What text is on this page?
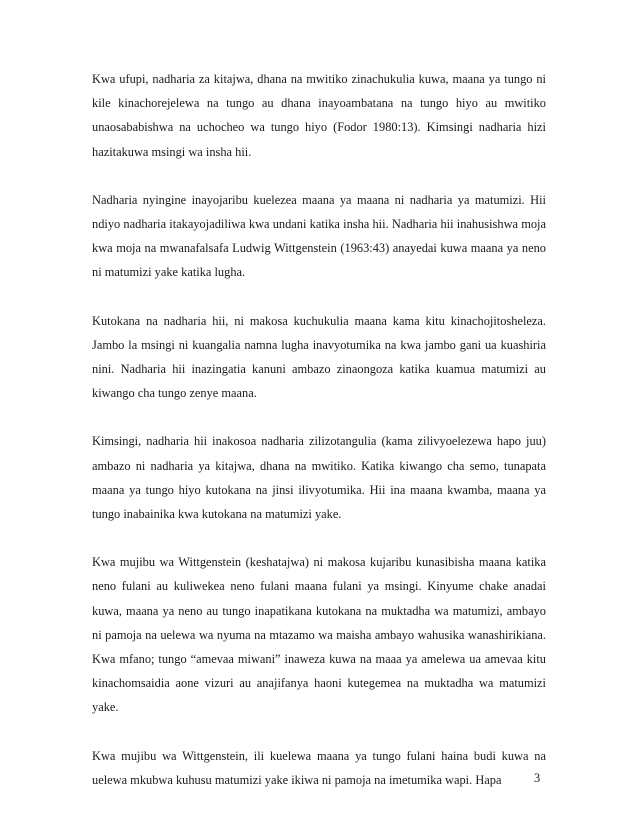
Kwa ufupi, nadharia za kitajwa, dhana na mwitiko zinachukulia kuwa, maana ya tungo ni kile kinachorejelewa na tungo au dhana inayoambatana na tungo hiyo au mwitiko unaosababishwa na uchocheo wa tungo hiyo (Fodor 1980:13). Kimsingi nadharia hizi hazitakuwa msingi wa insha hii.

Nadharia nyingine inayojaribu kuelezea maana ya maana ni nadharia ya matumizi. Hii ndiyo nadharia itakayojadiliwa kwa undani katika insha hii. Nadharia hii inahusishwa moja kwa moja na mwanafalsafa Ludwig Wittgenstein (1963:43) anayedai kuwa maana ya neno ni matumizi yake katika lugha.

Kutokana na nadharia hii, ni makosa kuchukulia maana kama kitu kinachojitosheleza. Jambo la msingi ni kuangalia namna lugha inavyotumika na kwa jambo gani ua kuashiria nini. Nadharia hii inazingatia kanuni ambazo zinaongoza katika kuamua matumizi au kiwango cha tungo zenye maana.

Kimsingi, nadharia hii inakosoa nadharia zilizotangulia (kama zilivyoelezewa hapo juu) ambazo ni nadharia ya kitajwa, dhana na mwitiko. Katika kiwango cha semo, tunapata maana ya tungo hiyo kutokana na jinsi ilivyotumika. Hii ina maana kwamba, maana ya tungo inabainika kwa kutokana na matumizi yake.

Kwa mujibu wa Wittgenstein (keshatajwa) ni makosa kujaribu kunasibisha maana katika neno fulani au kuliwekea neno fulani maana fulani ya msingi. Kinyume chake anadai kuwa, maana ya neno au tungo inapatikana kutokana na muktadha wa matumizi, ambayo ni pamoja na uelewa wa nyuma na mtazamo wa maisha ambayo wahusika wanashirikiana. Kwa mfano; tungo “amevaa miwani” inaweza kuwa na maaa ya amelewa ua amevaa kitu kinachomsaidia aone vizuri au anajifanya haoni kutegemea na muktadha wa matumizi yake.

Kwa mujibu wa Wittgenstein, ili kuelewa maana ya tungo fulani haina budi kuwa na uelewa mkubwa kuhusu matumizi yake ikiwa ni pamoja na imetumika wapi. Hapa	3
